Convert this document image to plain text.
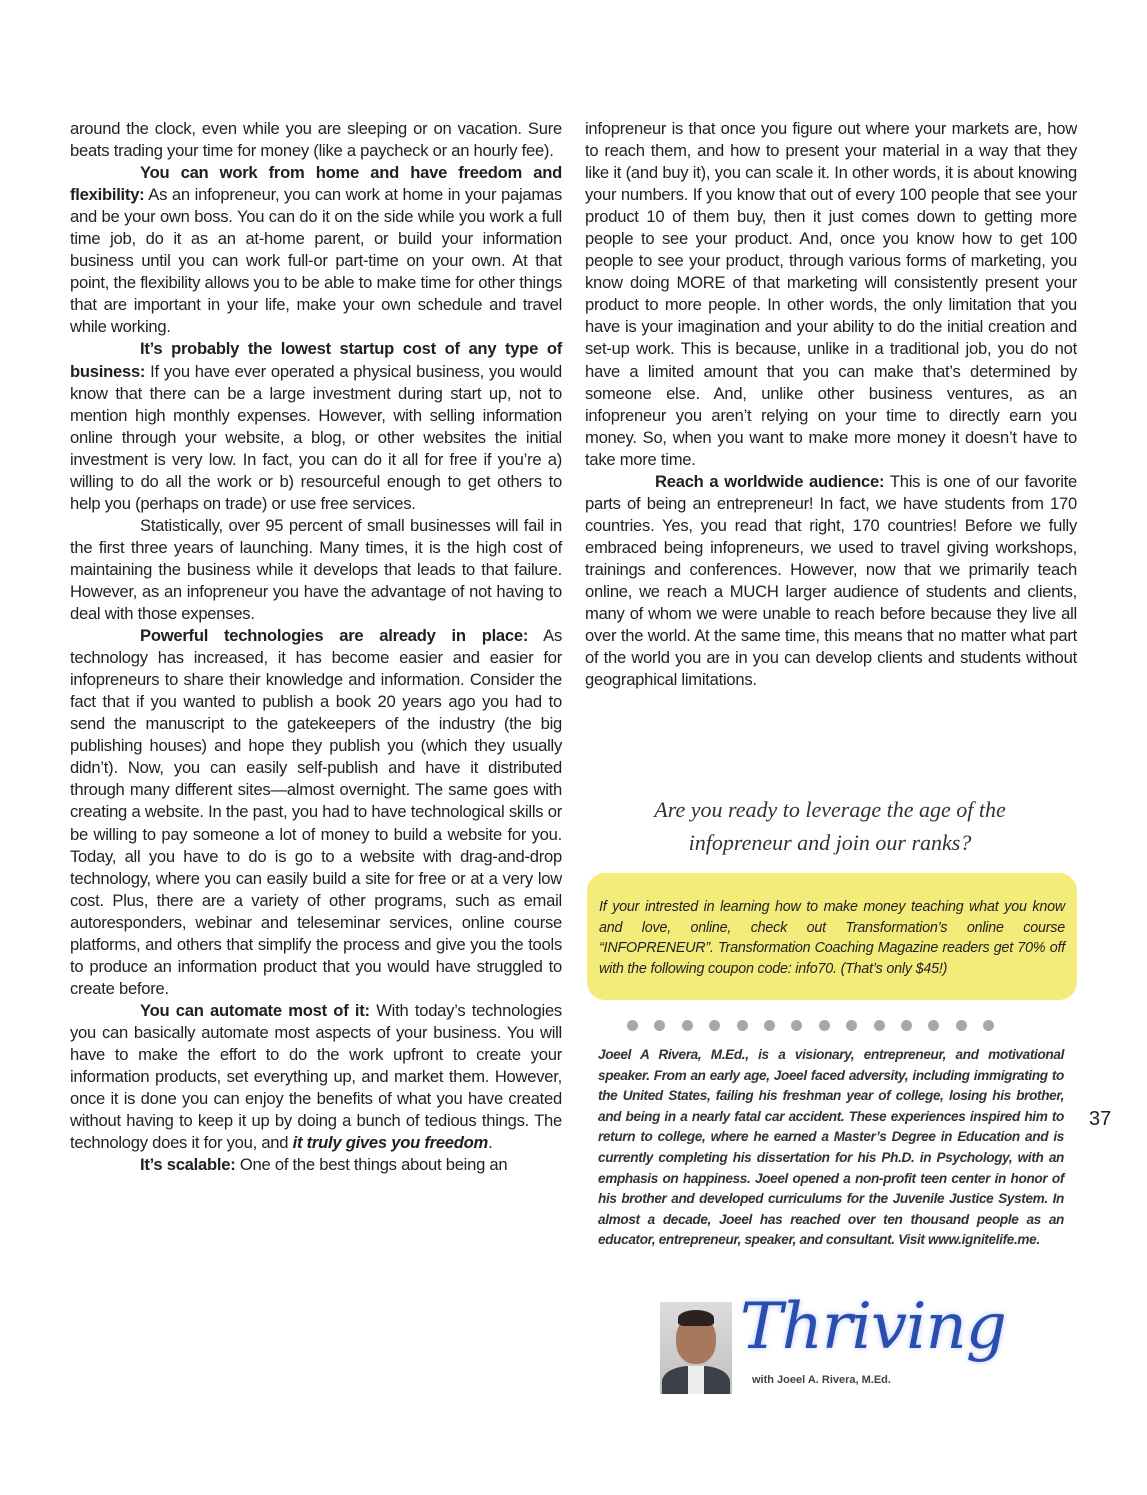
around the clock, even while you are sleeping or on vacation. Sure beats trading your time for money (like a paycheck or an hourly fee).

You can work from home and have freedom and flexibility: As an infopreneur, you can work at home in your pajamas and be your own boss. You can do it on the side while you work a full time job, do it as an at-home parent, or build your information business until you can work full-or part-time on your own. At that point, the flexibility allows you to be able to make time for other things that are important in your life, make your own schedule and travel while working.

It’s probably the lowest startup cost of any type of business: If you have ever operated a physical business, you would know that there can be a large investment during start up, not to mention high monthly expenses. However, with selling information online through your website, a blog, or other websites the initial investment is very low. In fact, you can do it all for free if you’re a) willing to do all the work or b) resourceful enough to get others to help you (perhaps on trade) or use free services.

Statistically, over 95 percent of small businesses will fail in the first three years of launching. Many times, it is the high cost of maintaining the business while it develops that leads to that failure. However, as an infopreneur you have the advantage of not having to deal with those expenses.

Powerful technologies are already in place: As technology has increased, it has become easier and easier for infopreneurs to share their knowledge and information. Consider the fact that if you wanted to publish a book 20 years ago you had to send the manuscript to the gatekeepers of the industry (the big publishing houses) and hope they publish you (which they usually didn’t). Now, you can easily self-publish and have it distributed through many different sites—almost overnight. The same goes with creating a website. In the past, you had to have technological skills or be willing to pay someone a lot of money to build a website for you. Today, all you have to do is go to a website with drag-and-drop technology, where you can easily build a site for free or at a very low cost. Plus, there are a variety of other programs, such as email autoresponders, webinar and teleseminar services, online course platforms, and others that simplify the process and give you the tools to produce an information product that you would have struggled to create before.

You can automate most of it: With today’s technologies you can basically automate most aspects of your business. You will have to make the effort to do the work upfront to create your information products, set everything up, and market them. However, once it is done you can enjoy the benefits of what you have created without having to keep it up by doing a bunch of tedious things. The technology does it for you, and it truly gives you freedom.

It’s scalable: One of the best things about being an

infopreneur is that once you figure out where your markets are, how to reach them, and how to present your material in a way that they like it (and buy it), you can scale it. In other words, it is about knowing your numbers. If you know that out of every 100 people that see your product 10 of them buy, then it just comes down to getting more people to see your product. And, once you know how to get 100 people to see your product, through various forms of marketing, you know doing MORE of that marketing will consistently present your product to more people. In other words, the only limitation that you have is your imagination and your ability to do the initial creation and set-up work. This is because, unlike in a traditional job, you do not have a limited amount that you can make that’s determined by someone else. And, unlike other business ventures, as an infopreneur you aren’t relying on your time to directly earn you money. So, when you want to make more money it doesn’t have to take more time.

Reach a worldwide audience: This is one of our favorite parts of being an entrepreneur! In fact, we have students from 170 countries. Yes, you read that right, 170 countries! Before we fully embraced being infopreneurs, we used to travel giving workshops, trainings and conferences. However, now that we primarily teach online, we reach a MUCH larger audience of students and clients, many of whom we were unable to reach before because they live all over the world. At the same time, this means that no matter what part of the world you are in you can develop clients and students without geographical limitations.

Are you ready to leverage the age of the infopreneur and join our ranks?
If your intrested in learning how to make money teaching what you know and love, online, check out Transformation’s online course “INFOPRENEUR”. Transformation Coaching Magazine readers get 70% off with the following coupon code: info70. (That’s only $45!)
Joeel A Rivera, M.Ed., is a visionary, entrepreneur, and motivational speaker. From an early age, Joeel faced adversity, including immigrating to the United States, failing his freshman year of college, losing his brother, and being in a nearly fatal car accident. These experiences inspired him to return to college, where he earned a Master’s Degree in Education and is currently completing his dissertation for his Ph.D. in Psychology, with an emphasis on happiness. Joeel opened a non-profit teen center in honor of his brother and developed curriculums for the Juvenile Justice System. In almost a decade, Joeel has reached over ten thousand people as an educator, entrepreneur, speaker, and consultant. Visit www.ignitelife.me.
Thriving
with Joeel A. Rivera, M.Ed.
37
